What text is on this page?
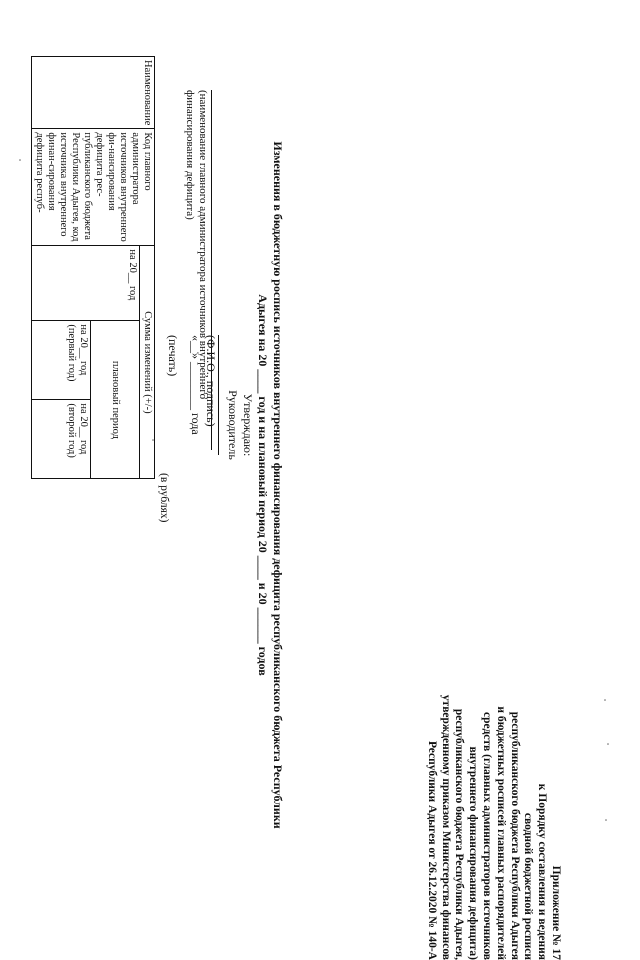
Приложение № 17
к Порядку составления и ведения
сводной бюджетной росписи
республиканского бюджета Республики Адыгея
и бюджетных росписей главных распорядителей
средств (главных администраторов источников
внутреннего финансирования дефицита)
республиканского бюджета Республики Адыгея,
утвержденному приказом Министерства финансов
Республики Адыгея от 26.12.2020 № 140-А
Утверждаю:
Руководитель
(Ф.И.О., подпись)
«__» ________ года
(печать)	Изменения в бюджетную роспись источников внутреннего финансирования дефицита республиканского бюджета Республики
Адыгея на 20 ____ год и на плановый период 20 ____ и 20 ______ годов
(наименование главного администратора источников внутреннего финансирования дефицита)
(в рублях)
Наименование	Код главного администратора источников внутреннего фи-нансирования дефицита рес-публиканского бюджета Республики Адыгея, код источника внутреннего финан-сирования дефицита респуб-	Сумма изменений (+/-)		
		на 20__ год	плановый период	
			на 20__ год (первый год)	на 20__ год (второй год)
